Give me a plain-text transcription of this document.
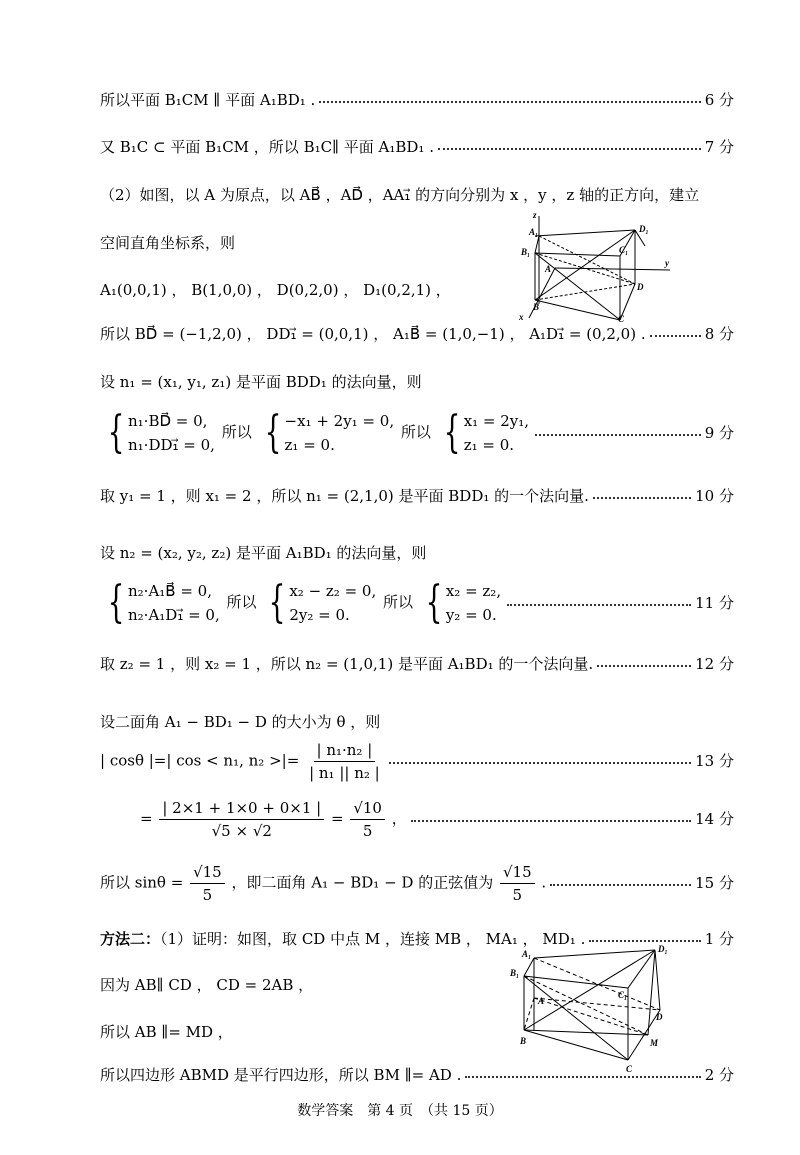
所以平面 B₁CM ∥ 平面 A₁BD₁ .	6 分
又 B₁C ⊂ 平面 B₁CM ，所以 B₁C∥ 平面 A₁BD₁ .	7 分
（2）如图，以 A 为原点，以 AB⃗ ，AD⃗ ，AA₁⃗ 的方向分别为 x ，y ，z 轴的正方向，建立
空间直角坐标系，则
z
y
x
A₁
B₁	C₁
D₁
A
B
C
D
A₁(0,0,1) ， B(1,0,0) ， D(0,2,0) ， D₁(0,2,1) ，
所以 BD⃗ = (−1,2,0) ， DD₁⃗ = (0,0,1) ， A₁B⃗ = (1,0,−1) ， A₁D₁⃗ = (0,2,0) .	8 分
设 n₁ = (x₁, y₁, z₁) 是平面 BDD₁ 的法向量，则
{ n₁·BD⃗ = 0,
n₁·DD₁⃗ = 0,
所以 { −x₁ + 2y₁ = 0,
z₁ = 0.
所以 { x₁ = 2y₁,
z₁ = 0.
9 分
取 y₁ = 1 ，则 x₁ = 2 ，所以 n₁ = (2,1,0) 是平面 BDD₁ 的一个法向量.	10 分
设 n₂ = (x₂, y₂, z₂) 是平面 A₁BD₁ 的法向量，则
{ n₂·A₁B⃗ = 0,
n₂·A₁D₁⃗ = 0,
所以 { x₂ − z₂ = 0,
2y₂ = 0.
所以 { x₂ = z₂,
y₂ = 0.
11 分
取 z₂ = 1 ，则 x₂ = 1 ，所以 n₂ = (1,0,1) 是平面 A₁BD₁ 的一个法向量.	12 分
设二面角 A₁ − BD₁ − D 的大小为 θ ，则
| cosθ |=| cos < n₁, n₂ >|= $\frac{\text{| n₁·n₂ |}}{\text{| n₁ || n₂ |}}$	13 分
= $\frac{| 2\times 1 + 1\times 0 + 0\times 1 |}{√5 \times √2} = \frac{√10}{5}$ ，	14 分
所以 $\sin\theta = \frac{√15}{5}$ ，即二面角 A₁ − BD₁ − D 的正弦值为 $\frac{√15}{5}$ .	15 分
方法二：（1）证明：如图，取 CD 中点 M ，连接 MB ， MA₁ ， MD₁ .	1 分
A₁
B₁
C₁
D₁
A
B
C
D
M
因为 AB∥ CD ， CD = 2AB ，
所以 AB ∥= MD ，
所以四边形 ABMD 是平行四边形，所以 BM ∥= AD .	2 分
数学答案　第 4 页　（共 15 页）
